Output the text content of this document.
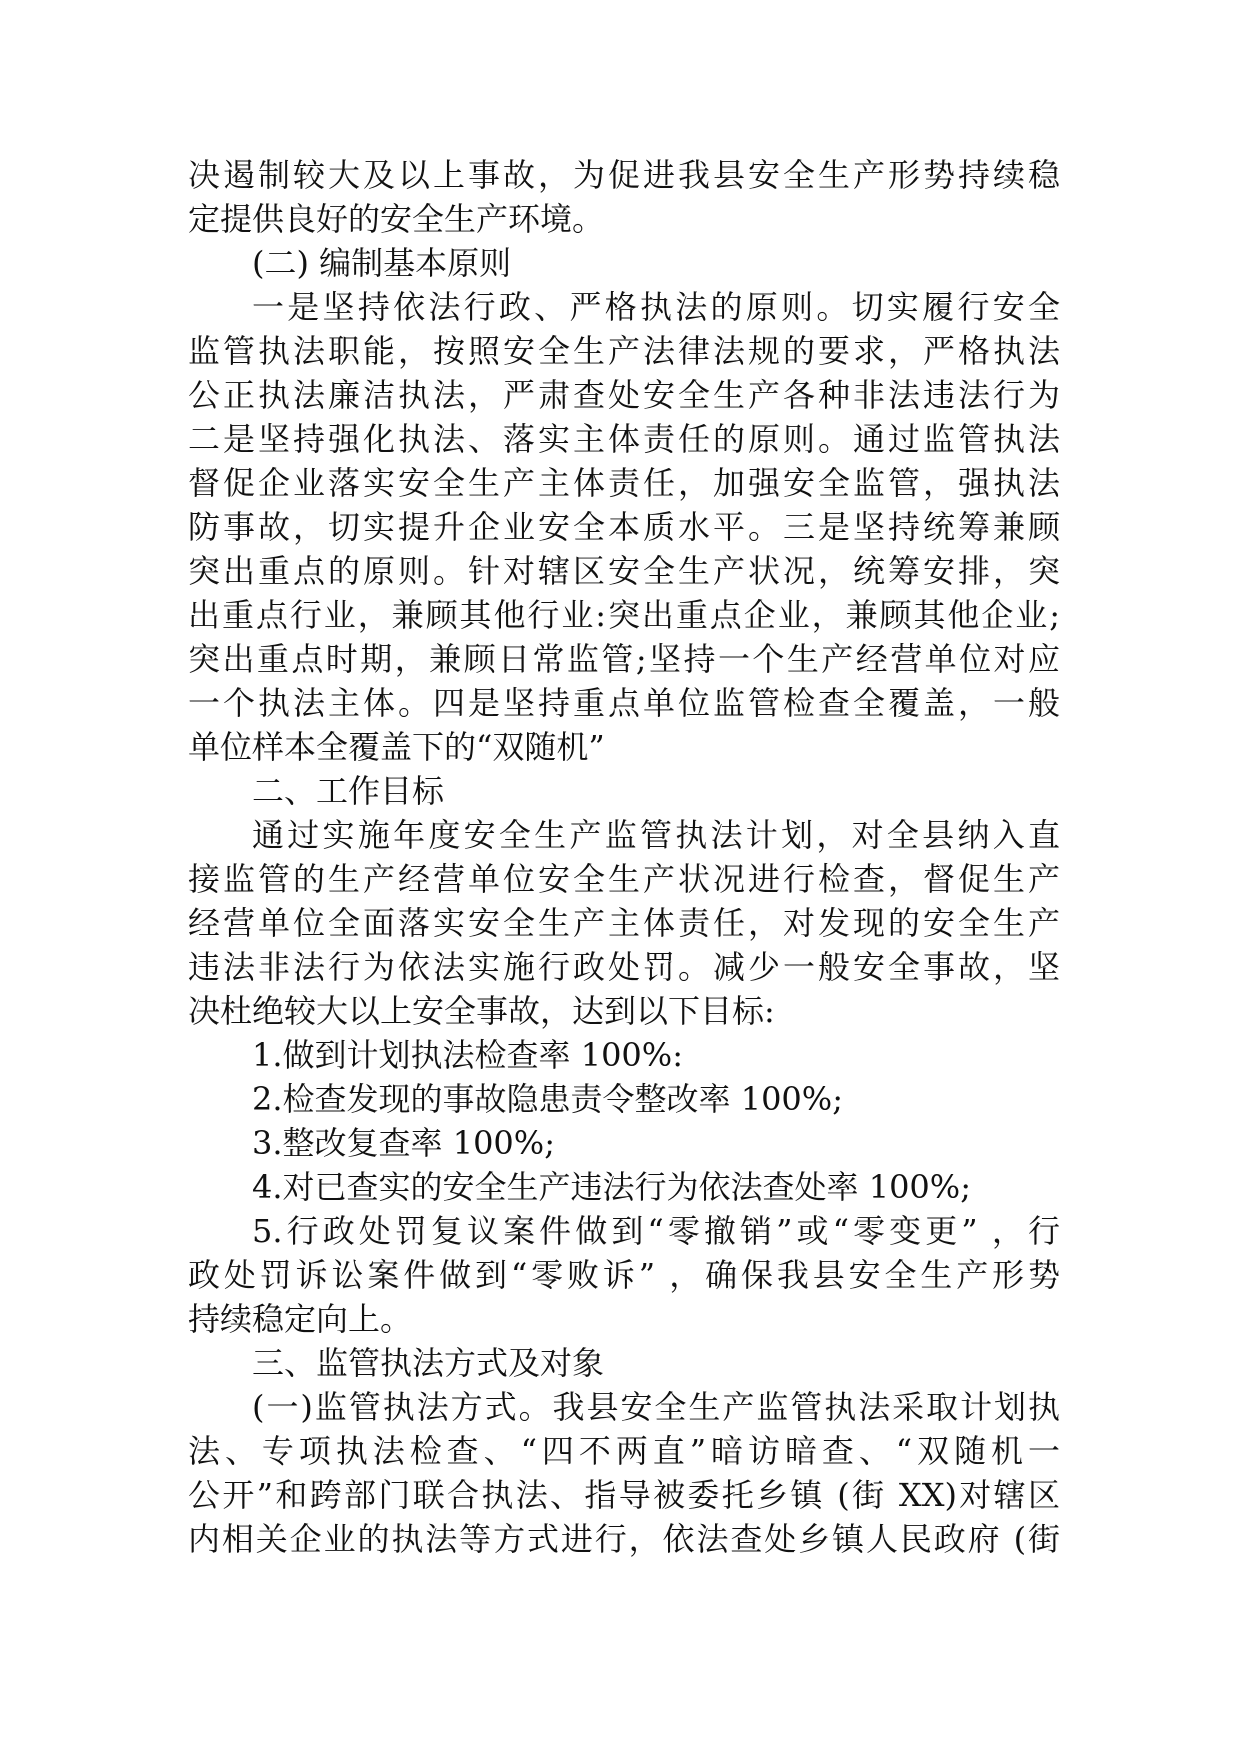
决遏制较大及以上事故，为促进我县安全生产形势持续稳
定提供良好的安全生产环境。
(二) 编制基本原则
一是坚持依法行政、严格执法的原则。切实履行安全
监管执法职能，按照安全生产法律法规的要求，严格执法
公正执法廉洁执法，严肃查处安全生产各种非法违法行为
二是坚持强化执法、落实主体责任的原则。通过监管执法
督促企业落实安全生产主体责任，加强安全监管，强执法
防事故，切实提升企业安全本质水平。三是坚持统筹兼顾
突出重点的原则。针对辖区安全生产状况，统筹安排，突
出重点行业，兼顾其他行业:突出重点企业，兼顾其他企业;
突出重点时期，兼顾日常监管;坚持一个生产经营单位对应
一个执法主体。四是坚持重点单位监管检查全覆盖，一般
单位样本全覆盖下的“双随机”
二、工作目标
通过实施年度安全生产监管执法计划，对全县纳入直
接监管的生产经营单位安全生产状况进行检查，督促生产
经营单位全面落实安全生产主体责任，对发现的安全生产
违法非法行为依法实施行政处罚。减少一般安全事故，坚
决杜绝较大以上安全事故，达到以下目标:
1.做到计划执法检查率 100%:
2.检查发现的事故隐患责令整改率 100%;
3.整改复查率 100%;
4.对已查实的安全生产违法行为依法查处率 100%;
5.行政处罚复议案件做到“零撤销”或“零变更” ，行
政处罚诉讼案件做到“零败诉” ，确保我县安全生产形势
持续稳定向上。
三、监管执法方式及对象
(一)监管执法方式。我县安全生产监管执法采取计划执
法、专项执法检查、“四不两直”暗访暗查、“双随机一
公开”和跨部门联合执法、指导被委托乡镇 (街 XX)对辖区
内相关企业的执法等方式进行，依法查处乡镇人民政府 (街
